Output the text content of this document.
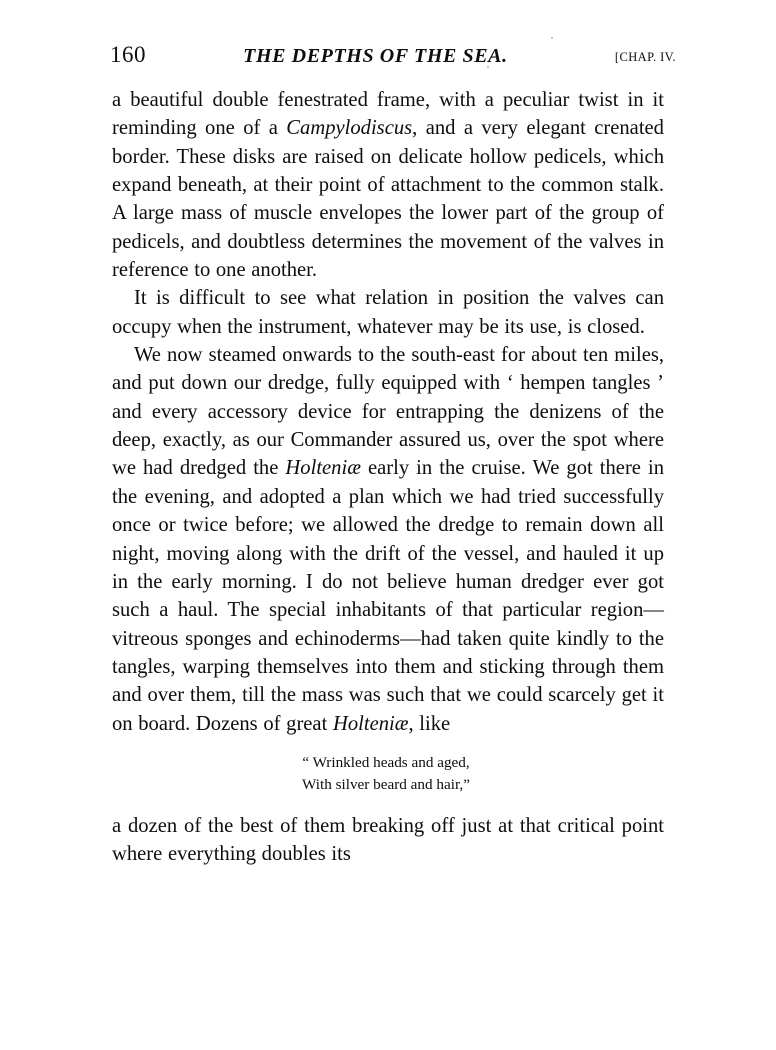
160	THE DEPTHS OF THE SEA.	[CHAP. IV.

a beautiful double fenestrated frame, with a peculiar twist in it reminding one of a Campylodiscus, and a very elegant crenated border. These disks are raised on delicate hollow pedicels, which expand beneath, at their point of attachment to the common stalk. A large mass of muscle envelopes the lower part of the group of pedicels, and doubtless determines the movement of the valves in reference to one another.

It is difficult to see what relation in position the valves can occupy when the instrument, whatever may be its use, is closed.

We now steamed onwards to the south-east for about ten miles, and put down our dredge, fully equipped with ‘ hempen tangles ’ and every accessory device for entrapping the denizens of the deep, exactly, as our Commander assured us, over the spot where we had dredged the Holteniæ early in the cruise. We got there in the evening, and adopted a plan which we had tried successfully once or twice before; we allowed the dredge to remain down all night, moving along with the drift of the vessel, and hauled it up in the early morning. I do not believe human dredger ever got such a haul. The special inhabitants of that particular region—vitreous sponges and echinoderms—had taken quite kindly to the tangles, warping themselves into them and sticking through them and over them, till the mass was such that we could scarcely get it on board. Dozens of great Holteniæ, like

“ Wrinkled heads and aged,
With silver beard and hair,”

a dozen of the best of them breaking off just at that critical point where everything doubles its
